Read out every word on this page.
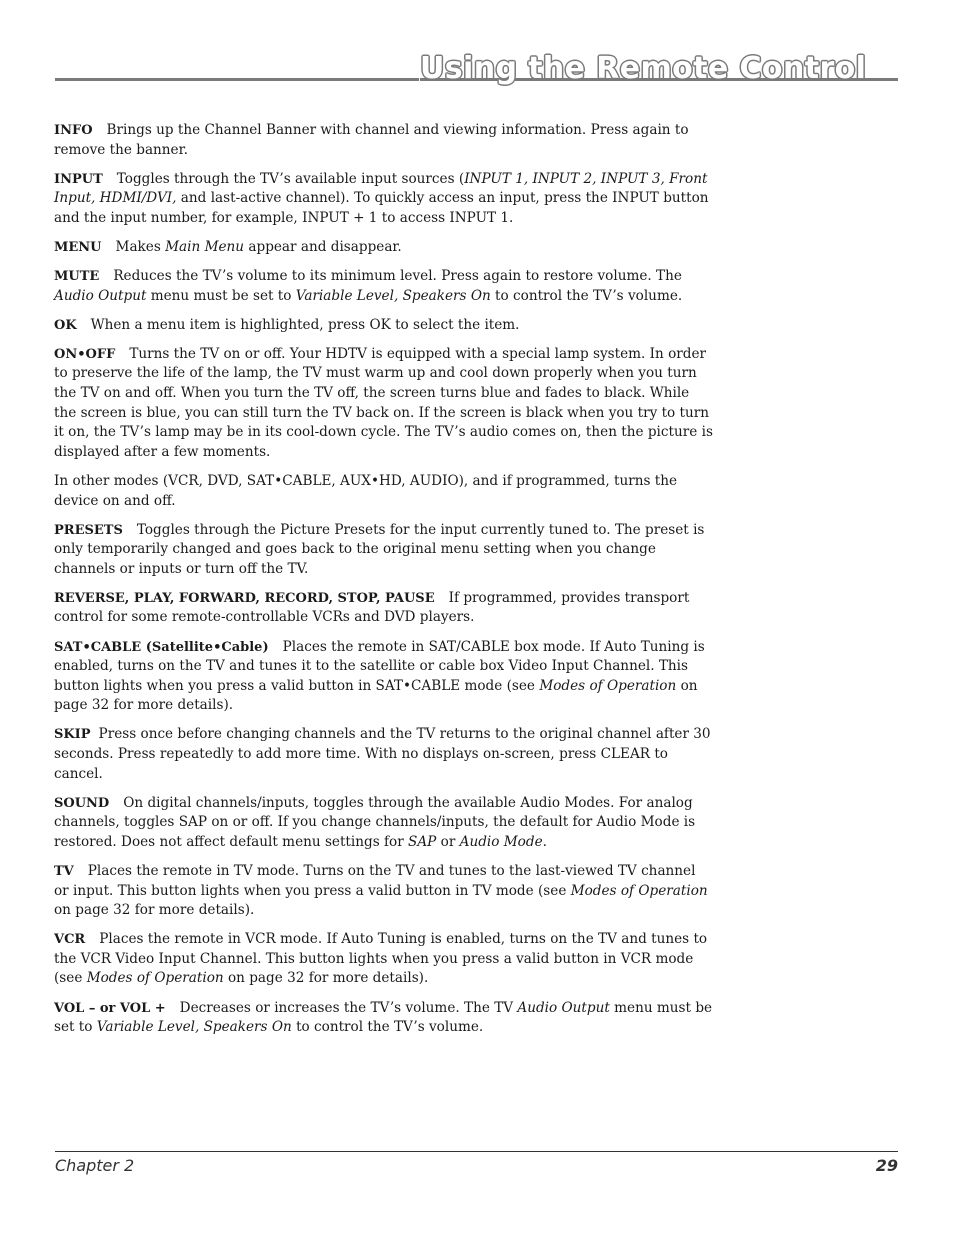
Using the Remote Control

INFO Brings up the Channel Banner with channel and viewing information. Press again to remove the banner.

INPUT Toggles through the TV’s available input sources (INPUT 1, INPUT 2, INPUT 3, Front Input, HDMI/DVI, and last-active channel). To quickly access an input, press the INPUT button and the input number, for example, INPUT + 1 to access INPUT 1.

MENU Makes Main Menu appear and disappear.

MUTE Reduces the TV’s volume to its minimum level. Press again to restore volume. The Audio Output menu must be set to Variable Level, Speakers On to control the TV’s volume.

OK When a menu item is highlighted, press OK to select the item.

ON•OFF Turns the TV on or off. Your HDTV is equipped with a special lamp system. In order to preserve the life of the lamp, the TV must warm up and cool down properly when you turn the TV on and off. When you turn the TV off, the screen turns blue and fades to black. While the screen is blue, you can still turn the TV back on. If the screen is black when you try to turn it on, the TV’s lamp may be in its cool-down cycle. The TV’s audio comes on, then the picture is displayed after a few moments.

In other modes (VCR, DVD, SAT•CABLE, AUX•HD, AUDIO), and if programmed, turns the device on and off.

PRESETS Toggles through the Picture Presets for the input currently tuned to. The preset is only temporarily changed and goes back to the original menu setting when you change channels or inputs or turn off the TV.

REVERSE, PLAY, FORWARD, RECORD, STOP, PAUSE If programmed, provides transport control for some remote-controllable VCRs and DVD players.

SAT•CABLE (Satellite•Cable) Places the remote in SAT/CABLE box mode. If Auto Tuning is enabled, turns on the TV and tunes it to the satellite or cable box Video Input Channel. This button lights when you press a valid button in SAT•CABLE mode (see Modes of Operation on page 32 for more details).

SKIP Press once before changing channels and the TV returns to the original channel after 30 seconds. Press repeatedly to add more time. With no displays on-screen, press CLEAR to cancel.

SOUND On digital channels/inputs, toggles through the available Audio Modes. For analog channels, toggles SAP on or off. If you change channels/inputs, the default for Audio Mode is restored. Does not affect default menu settings for SAP or Audio Mode.

TV Places the remote in TV mode. Turns on the TV and tunes to the last-viewed TV channel or input. This button lights when you press a valid button in TV mode (see Modes of Operation on page 32 for more details).

VCR Places the remote in VCR mode. If Auto Tuning is enabled, turns on the TV and tunes to the VCR Video Input Channel. This button lights when you press a valid button in VCR mode (see Modes of Operation on page 32 for more details).

VOL – or VOL + Decreases or increases the TV’s volume. The TV Audio Output menu must be set to Variable Level, Speakers On to control the TV’s volume.

Chapter 2	29
